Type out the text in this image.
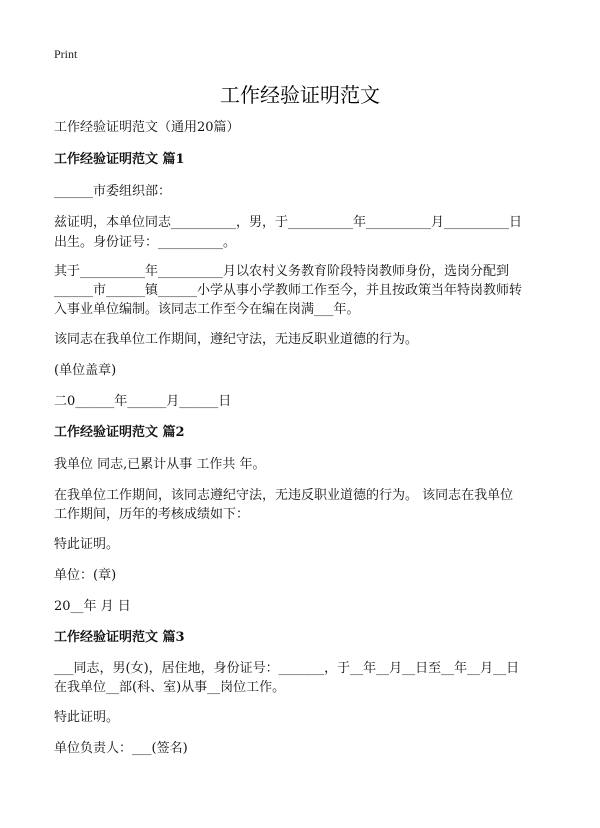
Print
工作经验证明范文
工作经验证明范文（通用20篇）
工作经验证明范文 篇1
______市委组织部：
兹证明，本单位同志__________，男，于__________年__________月__________日
出生。身份证号：__________。
其于__________年__________月以农村义务教育阶段特岗教师身份，选岗分配到
______市______镇______小学从事小学教师工作至今，并且按政策当年特岗教师转
入事业单位编制。该同志工作至今在编在岗满___年。
该同志在我单位工作期间，遵纪守法，无违反职业道德的行为。
(单位盖章)
二0______年______月______日
工作经验证明范文 篇2
我单位 同志,已累计从事 工作共 年。
在我单位工作期间，该同志遵纪守法，无违反职业道德的行为。 该同志在我单位
工作期间，历年的考核成绩如下：
特此证明。
单位：(章)
20__年 月 日
工作经验证明范文 篇3
___同志，男(女)，居住地，身份证号：_______，于__年__月__日至__年__月__日
在我单位__部(科、室)从事__岗位工作。
特此证明。
单位负责人：___(签名)
